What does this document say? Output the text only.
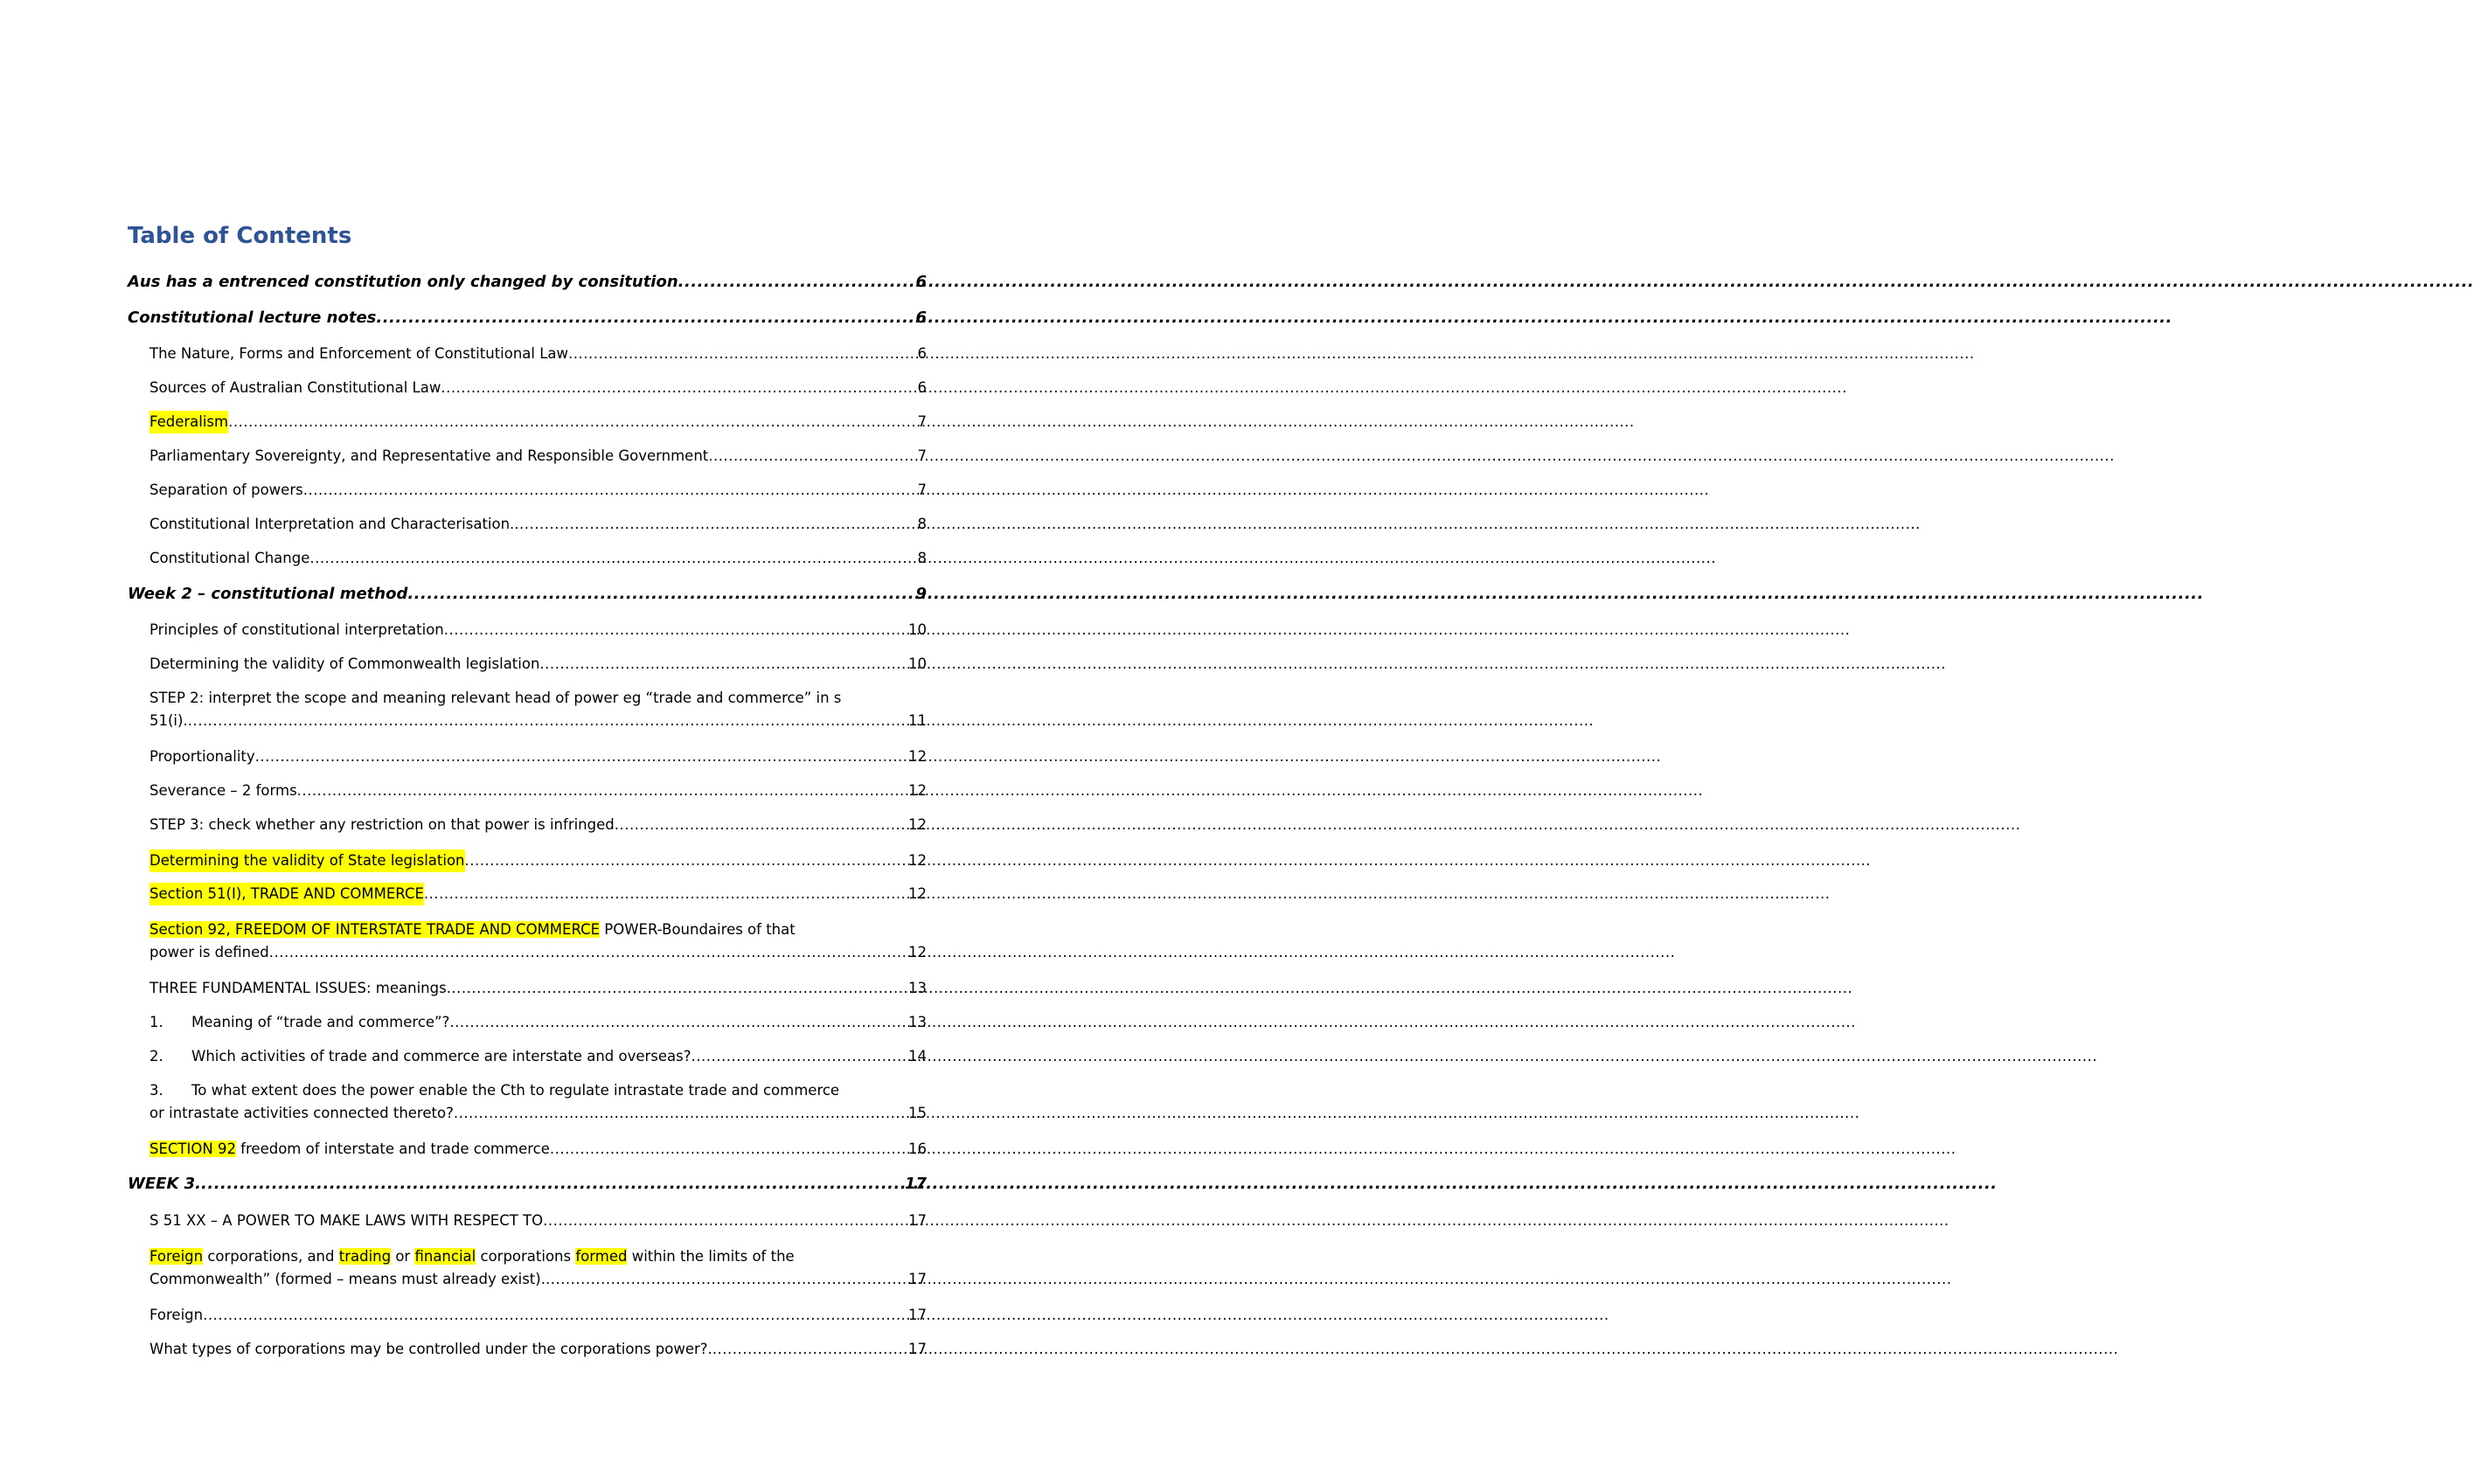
Table of Contents
Aus has a entrenced constitution only changed by consitution .....	6
Constitutional lecture notes .....	6
The Nature, Forms and Enforcement of Constitutional Law .....	6
Sources of Australian Constitutional Law .....	6
Federalism .....	7
Parliamentary Sovereignty, and Representative and Responsible Government .....	7
Separation of powers .....	7
Constitutional Interpretation and Characterisation. .....	8
Constitutional Change .....	8
Week 2 – constitutional method .....	9
Principles of constitutional interpretation .....	10
Determining the validity of Commonwealth legislation .....	10
STEP 2: interpret the scope and meaning relevant head of power eg “trade and commerce” in s
51(i). .....	11
Proportionality .....	12
Severance – 2 forms .....	12
STEP 3: check whether any restriction on that power is infringed .....	12
Determining the validity of State legislation .....	12
Section 51(I), TRADE AND COMMERCE .....	12
Section 92, FREEDOM OF INTERSTATE TRADE AND COMMERCE POWER-Boundaires of that
power is defined .....	12
THREE FUNDAMENTAL ISSUES: meanings .....	13
1. Meaning of “trade and commerce”? .....	13
2. Which activities of trade and commerce are interstate and overseas? .....	14
3. To what extent does the power enable the Cth to regulate intrastate trade and commerce
or intrastate activities connected thereto? .....	15
SECTION 92 freedom of interstate and trade commerce .....	16
WEEK 3. .....	17
S 51 XX – A POWER TO MAKE LAWS WITH RESPECT TO .....	17
Foreign corporations, and trading or financial corporations formed within the limits of the
Commonwealth” (formed – means must already exist). .....	17
Foreign .....	17
What types of corporations may be controlled under the corporations power?. .....	17
